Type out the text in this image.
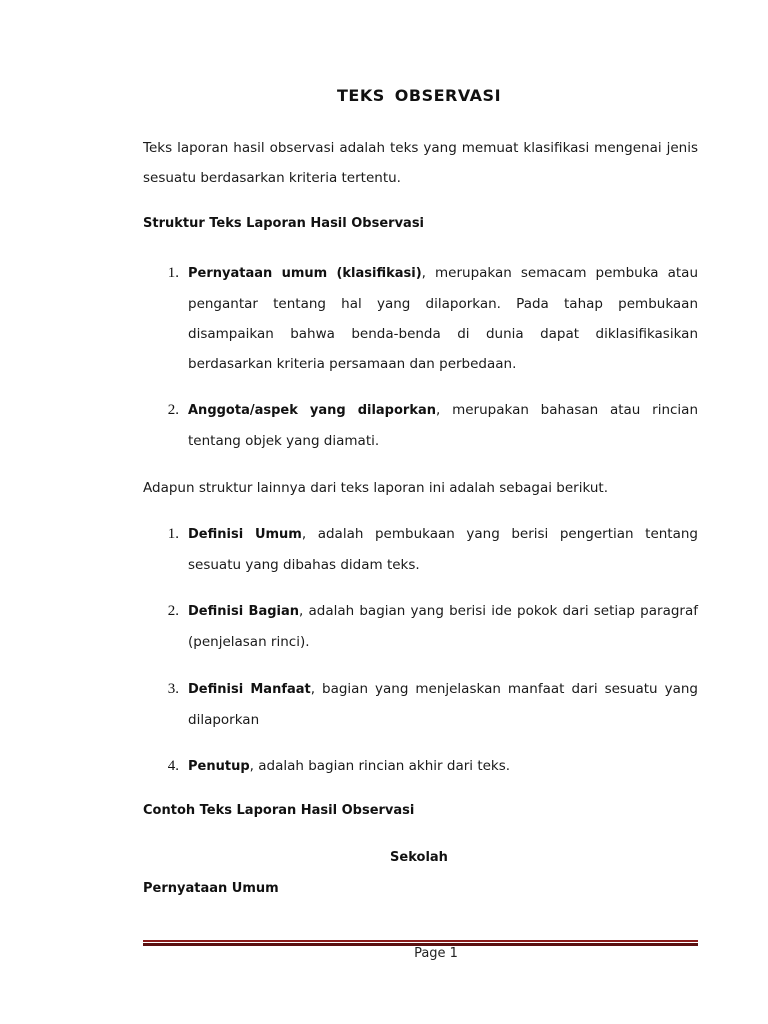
TEKS OBSERVASI
Teks laporan hasil observasi adalah teks yang memuat klasifikasi mengenai jenis sesuatu berdasarkan kriteria tertentu.
Struktur Teks Laporan Hasil Observasi
1. Pernyataan umum (klasifikasi), merupakan semacam pembuka atau pengantar tentang hal yang dilaporkan. Pada tahap pembukaan disampaikan bahwa benda-benda di dunia dapat diklasifikasikan berdasarkan kriteria persamaan dan perbedaan.
2. Anggota/aspek yang dilaporkan, merupakan bahasan atau rincian tentang objek yang diamati.
Adapun struktur lainnya dari teks laporan ini adalah sebagai berikut.
1. Definisi Umum, adalah pembukaan yang berisi pengertian tentang sesuatu yang dibahas didam teks.
2. Definisi Bagian, adalah bagian yang berisi ide pokok dari setiap paragraf (penjelasan rinci).
3. Definisi Manfaat, bagian yang menjelaskan manfaat dari sesuatu yang dilaporkan
4. Penutup, adalah bagian rincian akhir dari teks.
Contoh Teks Laporan Hasil Observasi
Sekolah
Pernyataan Umum
Page 1
